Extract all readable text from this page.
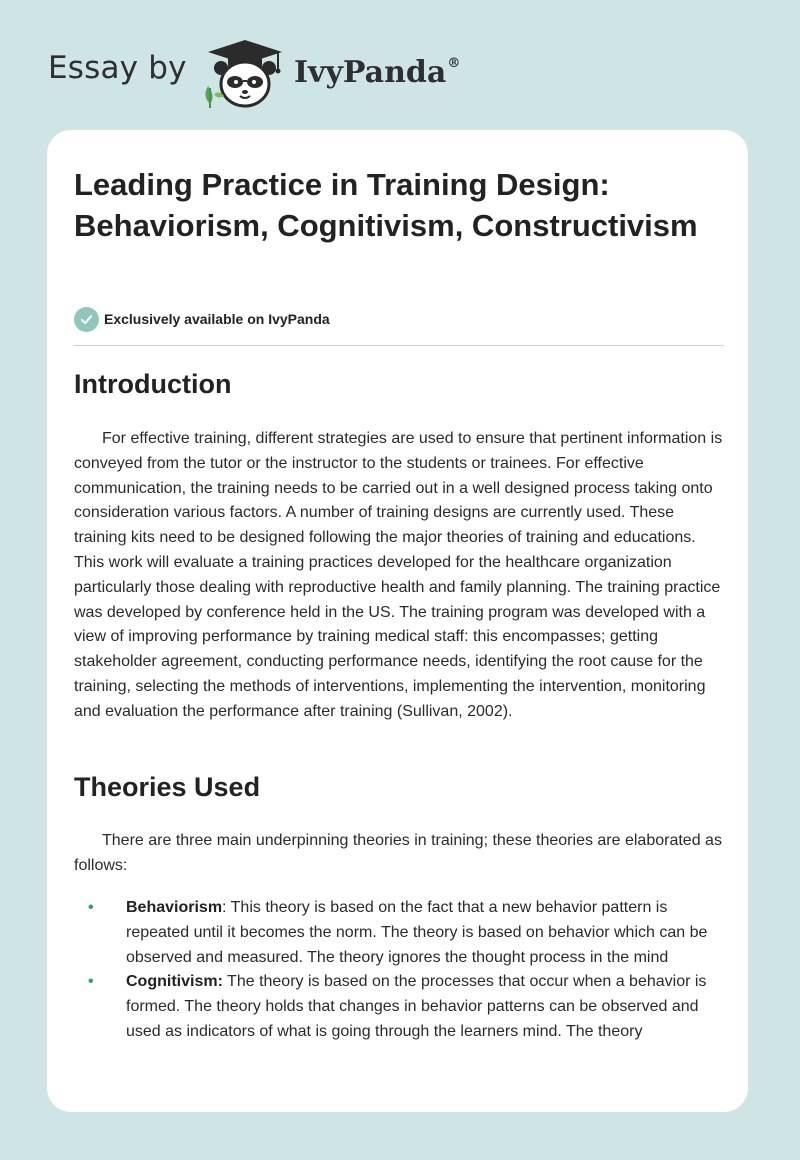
Essay by	IvyPanda®
Leading Practice in Training Design: Behaviorism, Cognitivism, Constructivism
Exclusively available on IvyPanda
Introduction

For effective training, different strategies are used to ensure that pertinent information is conveyed from the tutor or the instructor to the students or trainees. For effective communication, the training needs to be carried out in a well designed process taking onto consideration various factors. A number of training designs are currently used. These training kits need to be designed following the major theories of training and educations. This work will evaluate a training practices developed for the healthcare organization particularly those dealing with reproductive health and family planning. The training practice was developed by conference held in the US. The training program was developed with a view of improving performance by training medical staff: this encompasses; getting stakeholder agreement, conducting performance needs, identifying the root cause for the training, selecting the methods of interventions, implementing the intervention, monitoring and evaluation the performance after training (Sullivan, 2002).

Theories Used

There are three main underpinning theories in training; these theories are elaborated as follows:

• Behaviorism: This theory is based on the fact that a new behavior pattern is repeated until it becomes the norm. The theory is based on behavior which can be observed and measured. The theory ignores the thought process in the mind
• Cognitivism: The theory is based on the processes that occur when a behavior is formed. The theory holds that changes in behavior patterns can be observed and used as indicators of what is going through the learners mind. The theory
